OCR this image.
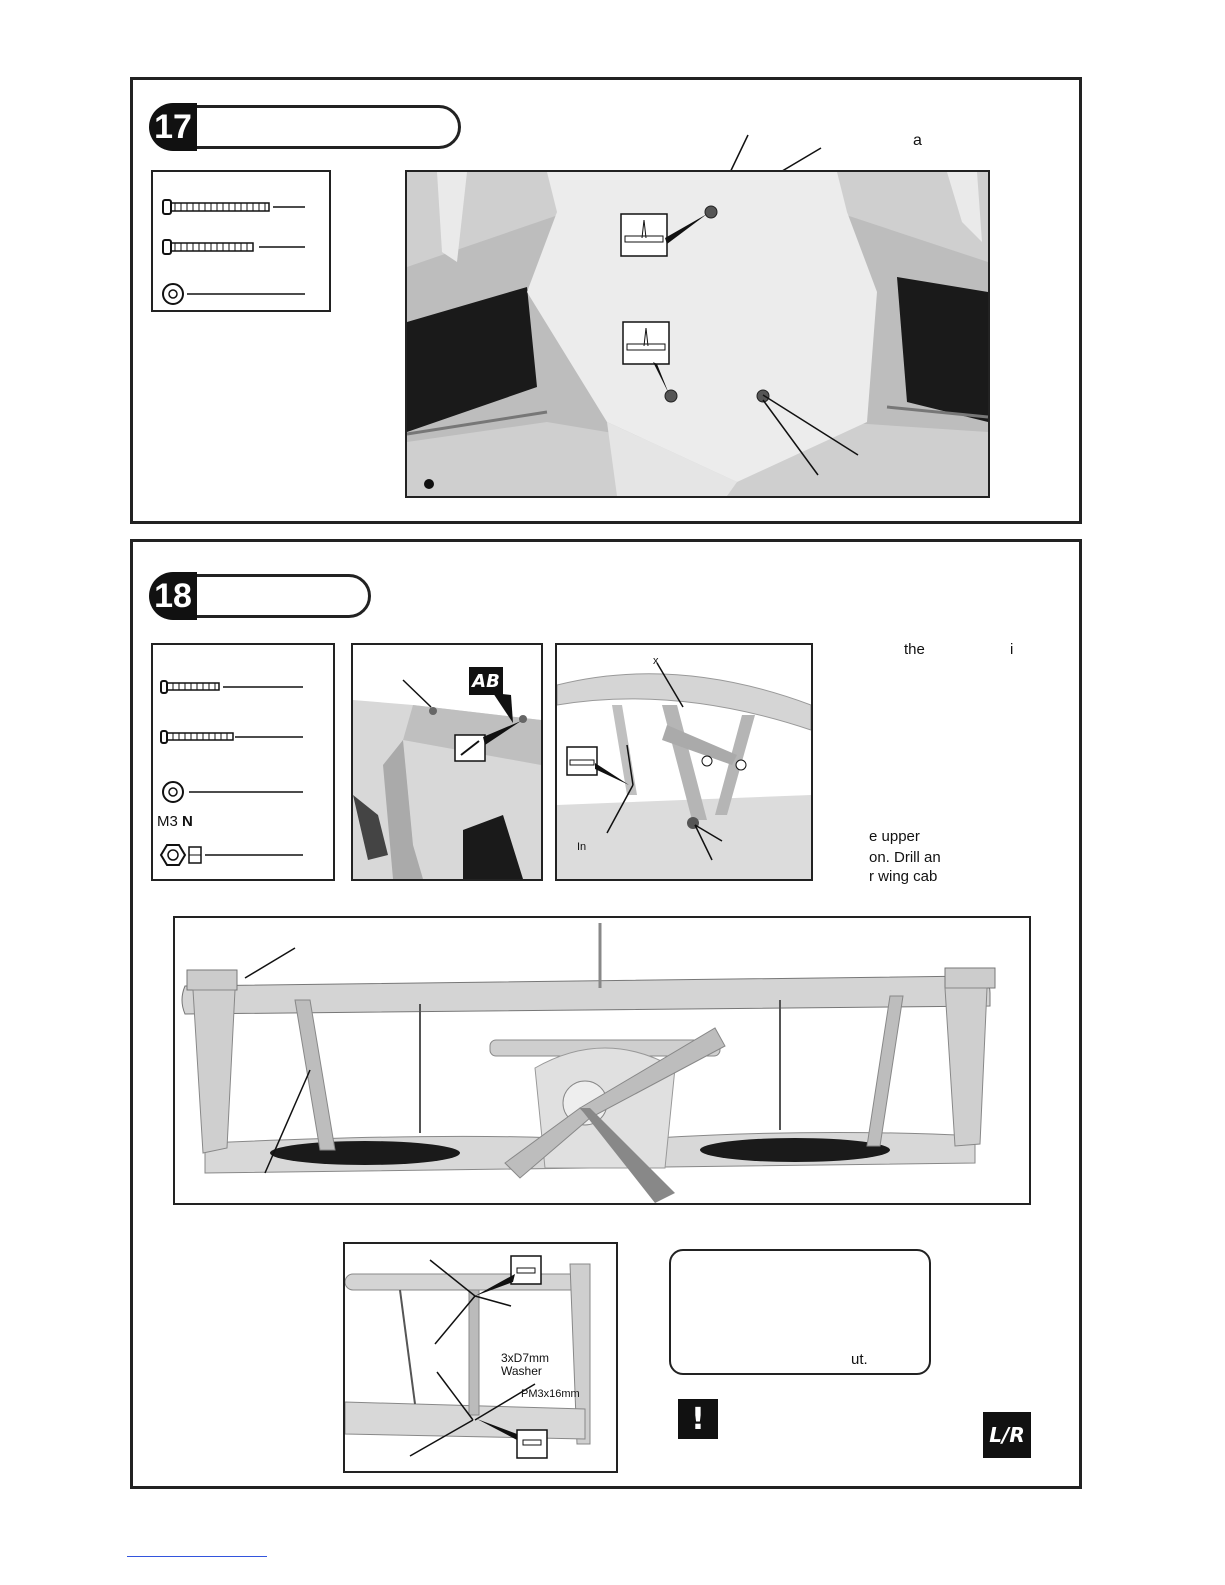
17	a
18
M3 N
AB
x
In
the	i
e upper
on. Drill an
r wing cab
3xD7mm
Washer
PM3x16mm
ut.
!	L/R
